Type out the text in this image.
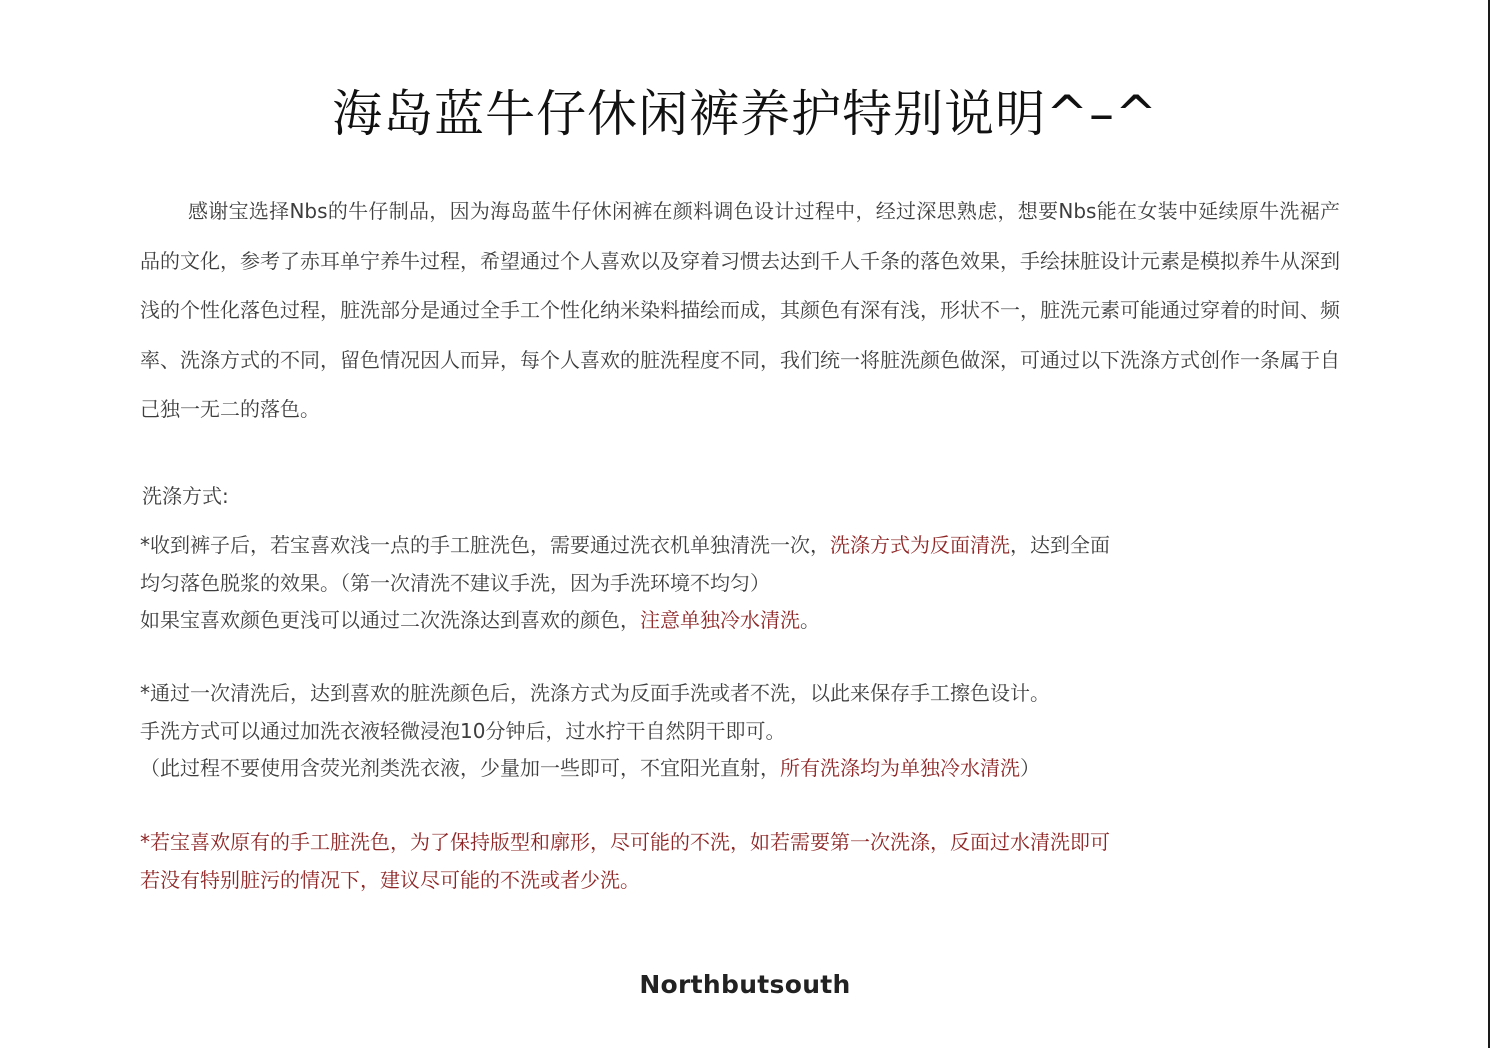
海岛蓝牛仔休闲裤养护特别说明^–^

感谢宝选择Nbs的牛仔制品，因为海岛蓝牛仔休闲裤在颜料调色设计过程中，经过深思熟虑，想要Nbs能在女装中延续原牛洗裾产品的文化，参考了赤耳单宁养牛过程，希望通过个人喜欢以及穿着习惯去达到千人千条的落色效果，手绘抹脏设计元素是模拟养牛从深到浅的个性化落色过程，脏洗部分是通过全手工个性化纳米染料描绘而成，其颜色有深有浅，形状不一，脏洗元素可能通过穿着的时间、频率、洗涤方式的不同，留色情况因人而异，每个人喜欢的脏洗程度不同，我们统一将脏洗颜色做深，可通过以下洗涤方式创作一条属于自己独一无二的落色。

洗涤方式:

*收到裤子后，若宝喜欢浅一点的手工脏洗色，需要通过洗衣机单独清洗一次，洗涤方式为反面清洗，达到全面
均匀落色脱浆的效果。（第一次清洗不建议手洗，因为手洗环境不均匀）
如果宝喜欢颜色更浅可以通过二次洗涤达到喜欢的颜色，注意单独冷水清洗。
*通过一次清洗后，达到喜欢的脏洗颜色后，洗涤方式为反面手洗或者不洗，以此来保存手工擦色设计。
手洗方式可以通过加洗衣液轻微浸泡10分钟后，过水拧干自然阴干即可。
（此过程不要使用含荧光剂类洗衣液，少量加一些即可，不宜阳光直射，所有洗涤均为单独冷水清洗）
*若宝喜欢原有的手工脏洗色，为了保持版型和廓形，尽可能的不洗，如若需要第一次洗涤，反面过水清洗即可
若没有特别脏污的情况下，建议尽可能的不洗或者少洗。
Northbutsouth
